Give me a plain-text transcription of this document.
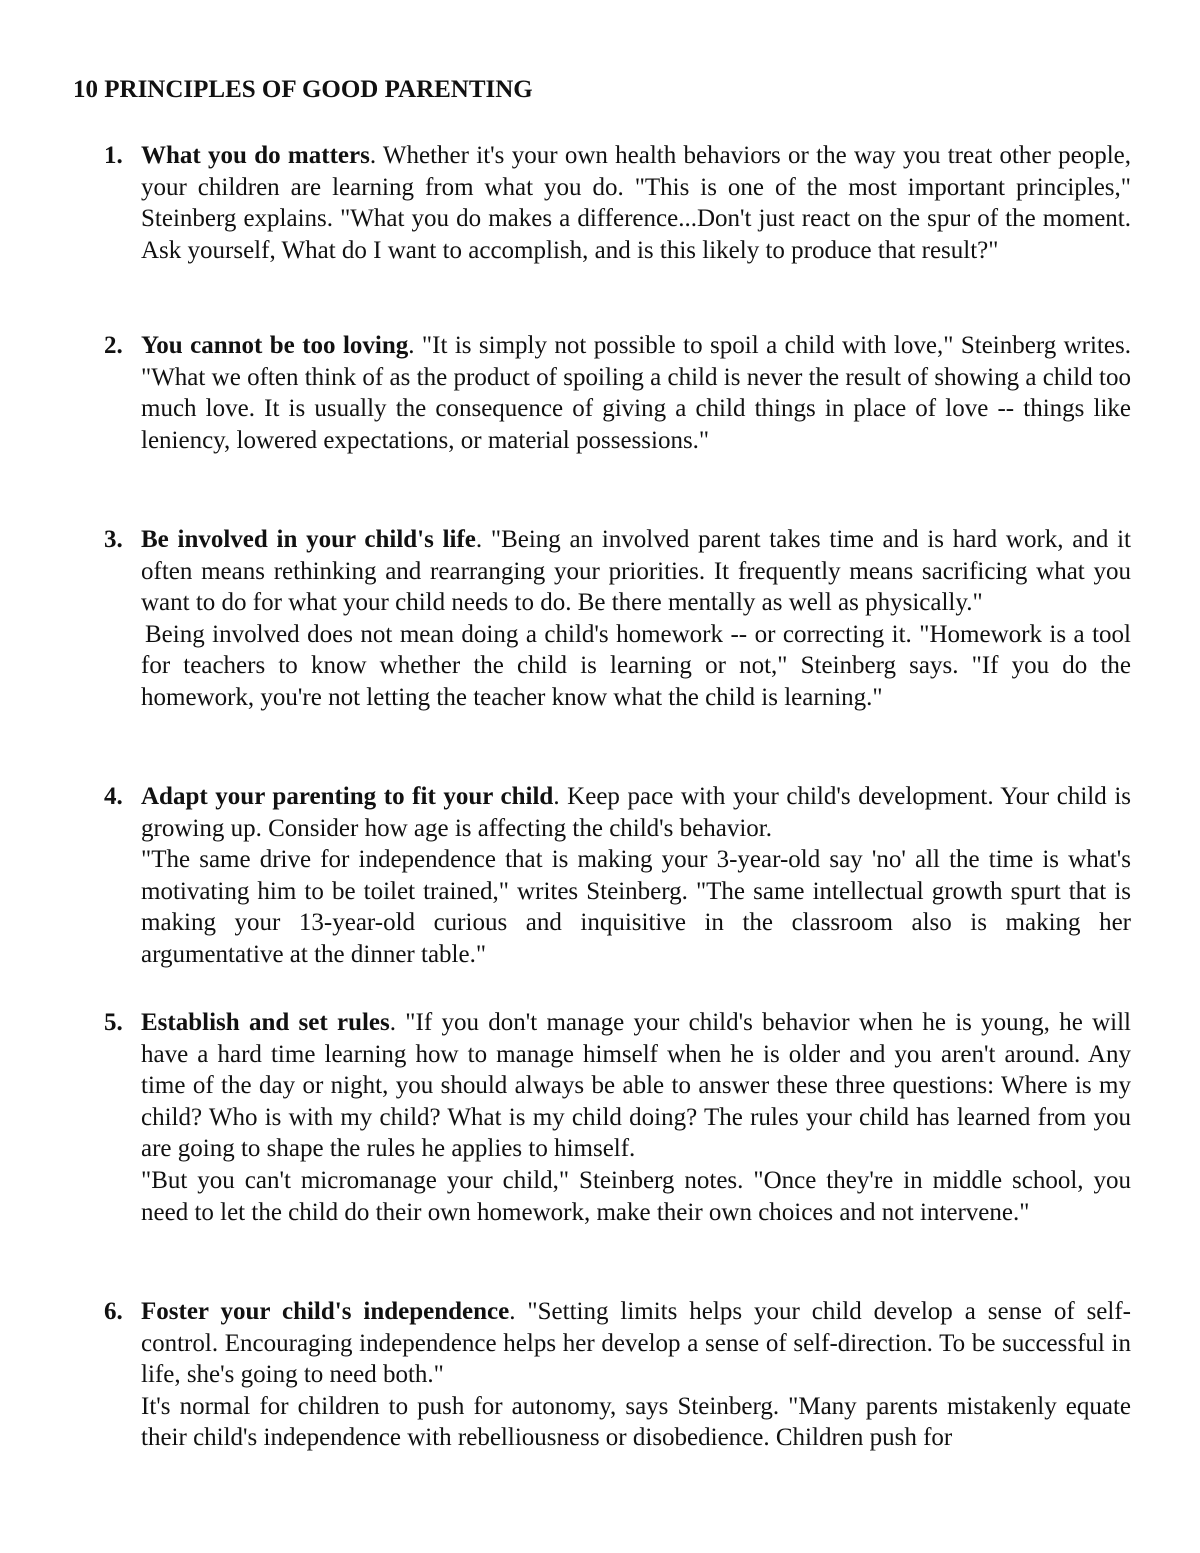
10 PRINCIPLES OF GOOD PARENTING
1. What you do matters. Whether it's your own health behaviors or the way you treat other people, your children are learning from what you do. "This is one of the most important principles," Steinberg explains. "What you do makes a difference...Don't just react on the spur of the moment. Ask yourself, What do I want to accomplish, and is this likely to produce that result?"

2. You cannot be too loving. "It is simply not possible to spoil a child with love," Steinberg writes. "What we often think of as the product of spoiling a child is never the result of showing a child too much love. It is usually the consequence of giving a child things in place of love -- things like leniency, lowered expectations, or material possessions."

3. Be involved in your child's life. "Being an involved parent takes time and is hard work, and it often means rethinking and rearranging your priorities. It frequently means sacrificing what you want to do for what your child needs to do. Be there mentally as well as physically."

Being involved does not mean doing a child's homework -- or correcting it. "Homework is a tool for teachers to know whether the child is learning or not," Steinberg says. "If you do the homework, you're not letting the teacher know what the child is learning."

4. Adapt your parenting to fit your child. Keep pace with your child's development. Your child is growing up. Consider how age is affecting the child's behavior.

"The same drive for independence that is making your 3-year-old say 'no' all the time is what's motivating him to be toilet trained," writes Steinberg. "The same intellectual growth spurt that is making your 13-year-old curious and inquisitive in the classroom also is making her argumentative at the dinner table."

5. Establish and set rules. "If you don't manage your child's behavior when he is young, he will have a hard time learning how to manage himself when he is older and you aren't around. Any time of the day or night, you should always be able to answer these three questions: Where is my child? Who is with my child? What is my child doing? The rules your child has learned from you are going to shape the rules he applies to himself.

"But you can't micromanage your child," Steinberg notes. "Once they're in middle school, you need to let the child do their own homework, make their own choices and not intervene."

6. Foster your child's independence. "Setting limits helps your child develop a sense of self-control. Encouraging independence helps her develop a sense of self-direction. To be successful in life, she's going to need both."

It's normal for children to push for autonomy, says Steinberg. "Many parents mistakenly equate their child's independence with rebelliousness or disobedience. Children push for
